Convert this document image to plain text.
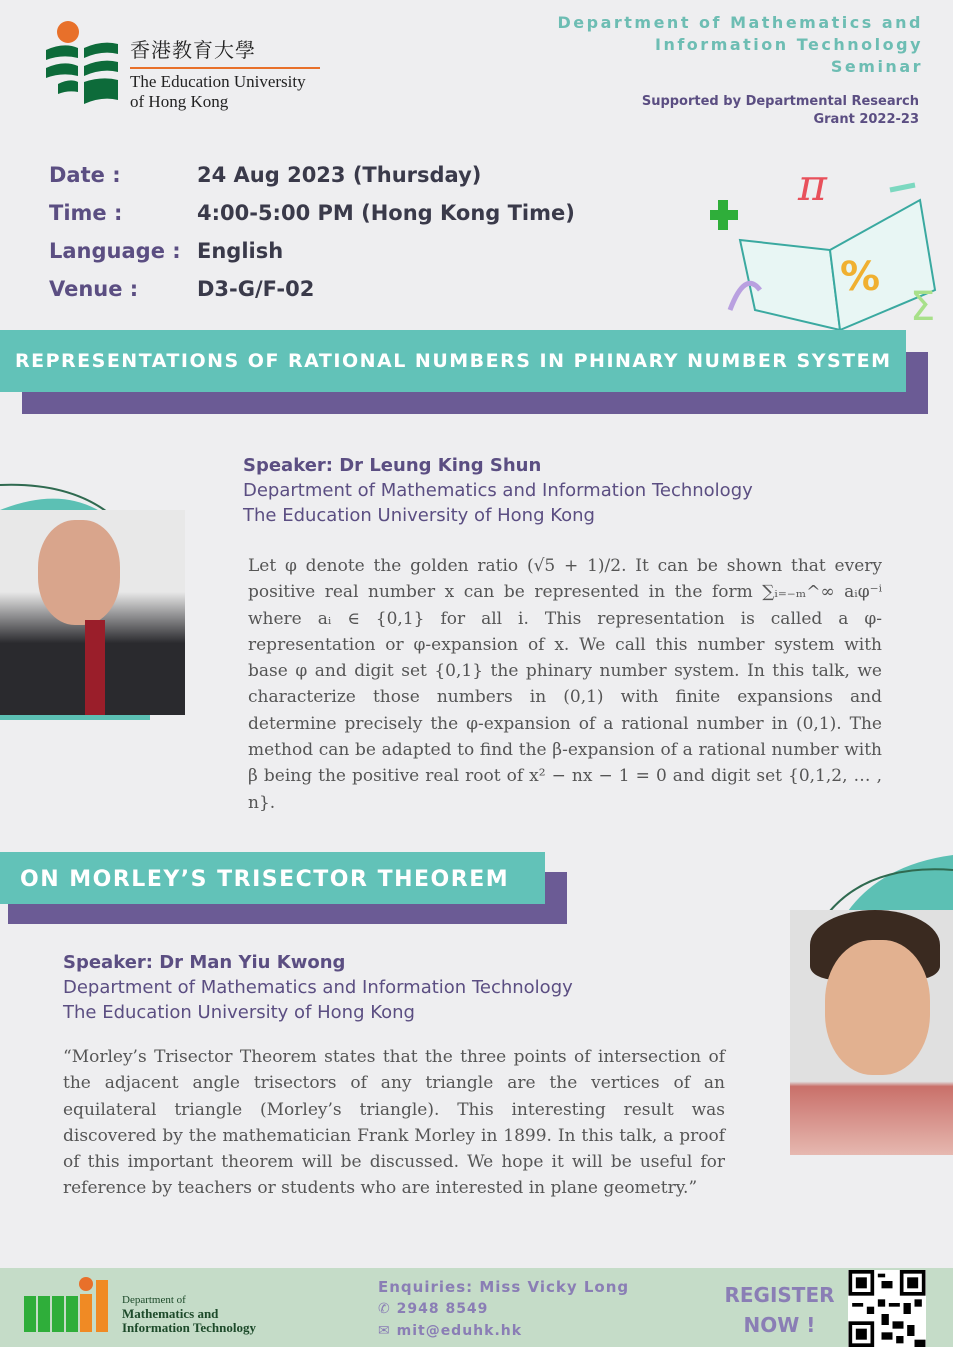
香港教育大學
The Education University
of Hong Kong
Department of Mathematics and
Information Technology
Seminar
Supported by Departmental Research
Grant 2022-23
Date :	24 Aug 2023 (Thursday)
Time :	4:00-5:00 PM (Hong Kong Time)
Language : English
Venue :	D3-G/F-02
π
%
Σ
REPRESENTATIONS OF RATIONAL NUMBERS IN PHINARY NUMBER SYSTEM
Speaker: Dr Leung King Shun
Department of Mathematics and Information Technology
The Education University of Hong Kong
Let φ denote the golden ratio (√5 + 1)/2. It can be shown that every positive real number x can be represented in the form ∑ᵢ₌₋ₘ^∞ aᵢφ⁻ⁱ where aᵢ ∈ {0,1} for all i. This representation is called a φ-representation or φ-expansion of x. We call this number system with base φ and digit set {0,1} the phinary number system. In this talk, we characterize those numbers in (0,1) with finite expansions and determine precisely the φ-expansion of a rational number in (0,1). The method can be adapted to find the β-expansion of a rational number with β being the positive real root of x² − nx − 1 = 0 and digit set {0,1,2, … , n}.
ON MORLEY’S TRISECTOR THEOREM
Speaker: Dr Man Yiu Kwong
Department of Mathematics and Information Technology
The Education University of Hong Kong
“Morley’s Trisector Theorem states that the three points of intersection of the adjacent angle trisectors of any triangle are the vertices of an equilateral triangle (Morley’s triangle). This interesting result was discovered by the mathematician Frank Morley in 1899. In this talk, a proof of this important theorem will be discussed. We hope it will be useful for reference by teachers or students who are interested in plane geometry.”
Department of
Mathematics and
Information Technology
Enquiries: Miss Vicky Long
✆ 2948 8549
✉ mit@eduhk.hk
REGISTER
NOW !
